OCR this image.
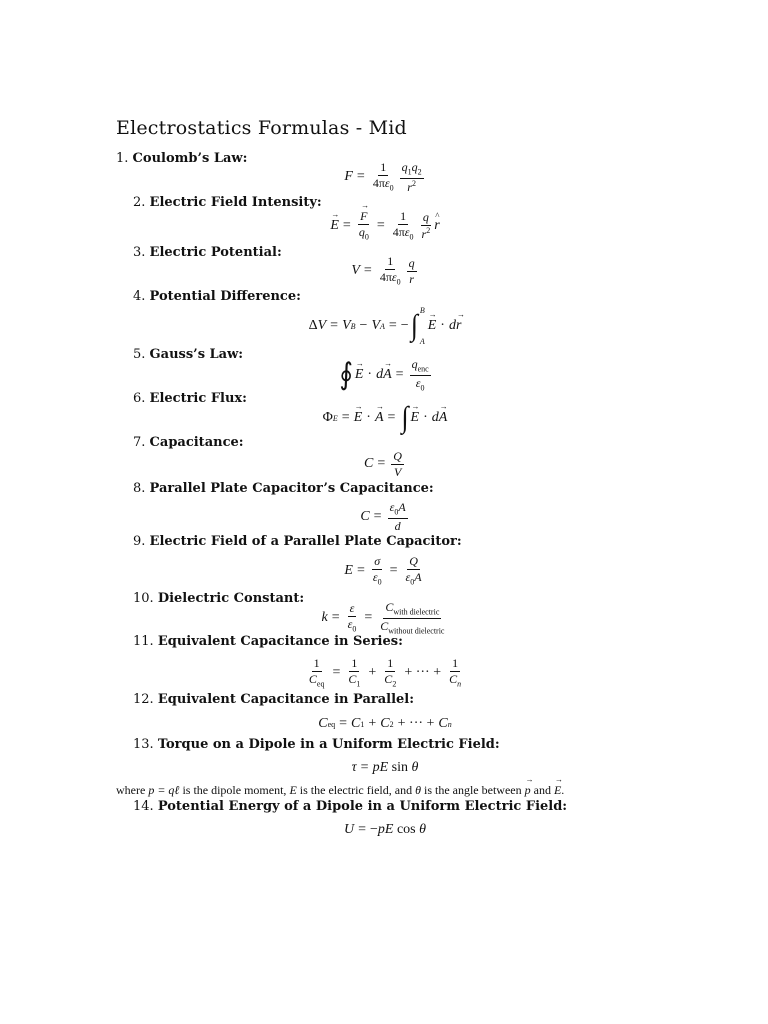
Electrostatics Formulas - Mid
1. Coulomb’s Law:
$F = \frac{1}{4\pi\varepsilon_0} \frac{q_1q_2}{r^2}$
2. Electric Field Intensity:
E → = $\frac{F \to}{q_0} = \frac{1}{4\pi\varepsilon_0} \frac{q}{r^2}$ r ^
3. Electric Potential:
$V = \frac{1}{4\pi\varepsilon_0} \frac{q}{r}$
4. Potential Difference:
Δ V = V B − V A = − ∫ B
A
E → · d r →
5. Gauss’s Law:
∮ E → · d A → = $\frac{q_{enc}}{\varepsilon_0}$
6. Electric Flux:
Φ E = E → · A → = ∫ E → · d A →
7. Capacitance:
$C = \frac{Q}{V}$
8. Parallel Plate Capacitor’s Capacitance:
$C = \frac{\varepsilon_0A}{d}$
9. Electric Field of a Parallel Plate Capacitor:
$E = \frac{\sigma}{\varepsilon_0} = \frac{Q}{\varepsilon_0A}$
10. Dielectric Constant:
$k = \frac{\varepsilon}{\varepsilon_0} = \frac{C_{with dielectric}}{C_{without dielectric}}$
11. Equivalent Capacitance in Series:
$\frac{1}{C_{eq}} = \frac{1}{C_1} + \frac{1}{C_2}$ + ··· + $\frac{1}{C_n}$
12. Equivalent Capacitance in Parallel:
C eq = C 1 + C 2 + ··· + C n
13. Torque on a Dipole in a Uniform Electric Field:
τ = pE sin θ
where p = qℓ is the dipole moment, E is the electric field, and θ is the angle between p → and E →.
14. Potential Energy of a Dipole in a Uniform Electric Field:
U = − pE cos θ
